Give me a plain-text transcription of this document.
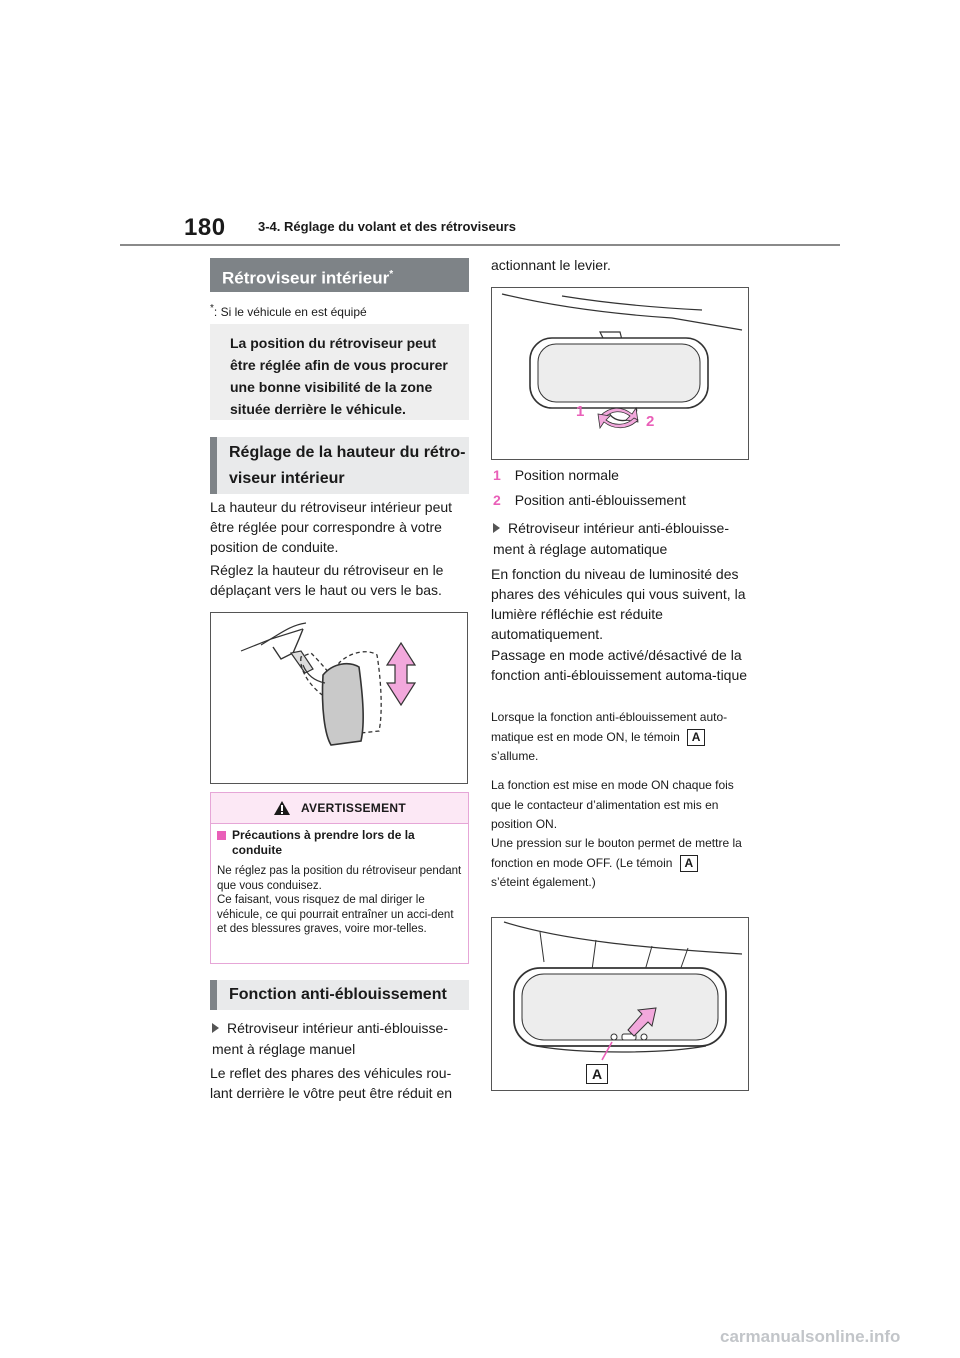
180 3-4. Réglage du volant et des rétroviseurs
Rétroviseur intérieur*
*: Si le véhicule en est équipé
La position du rétroviseur peut être réglée afin de vous procurer une bonne visibilité de la zone située derrière le véhicule.
Réglage de la hauteur du rétro-viseur intérieur
La hauteur du rétroviseur intérieur peut être réglée pour correspondre à votre position de conduite.
Réglez la hauteur du rétroviseur en le déplaçant vers le haut ou vers le bas.
AVERTISSEMENT
Précautions à prendre lors de la conduite
Ne réglez pas la position du rétroviseur pendant que vous conduisez.
Ce faisant, vous risquez de mal diriger le véhicule, ce qui pourrait entraîner un acci-dent et des blessures graves, voire mor-telles.
Fonction anti-éblouissement
Rétroviseur intérieur anti-éblouisse-ment à réglage manuel
Le reflet des phares des véhicules rou-lant derrière le vôtre peut être réduit en
actionnant le levier.
1
2
1 Position normale
2 Position anti-éblouissement
Rétroviseur intérieur anti-éblouisse-ment à réglage automatique
En fonction du niveau de luminosité des phares des véhicules qui vous suivent, la lumière réfléchie est réduite automatiquement.
Passage en mode activé/désactivé de la fonction anti-éblouissement automa-tique
Lorsque la fonction anti-éblouissement auto-matique est en mode ON, le témoin A
s’allume.
La fonction est mise en mode ON chaque fois que le contacteur d’alimentation est mis en position ON.
Une pression sur le bouton permet de mettre la fonction en mode OFF. (Le témoin A
s’éteint également.)
A
carmanualsonline.info
